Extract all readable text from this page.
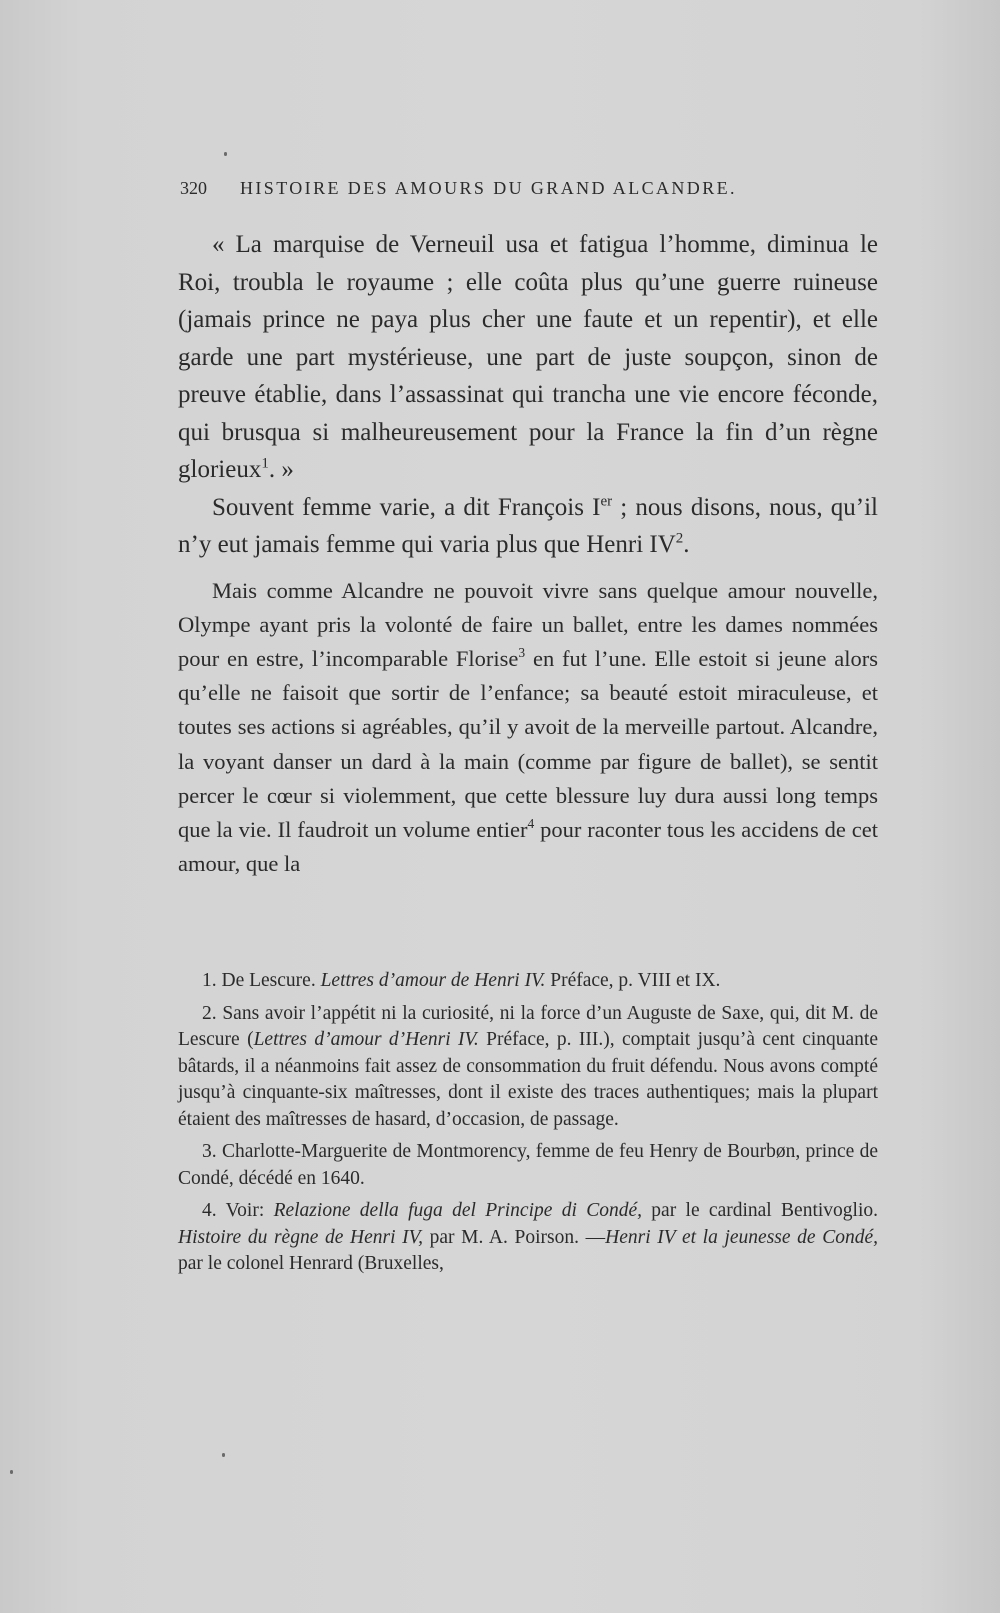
320 HISTOIRE DES AMOURS DU GRAND ALCANDRE.

« La marquise de Verneuil usa et fatigua l’homme, diminua le Roi, troubla le royaume ; elle coûta plus qu’une guerre ruineuse (jamais prince ne paya plus cher une faute et un repentir), et elle garde une part mystérieuse, une part de juste soupçon, sinon de preuve établie, dans l’assassinat qui trancha une vie encore féconde, qui brusqua si malheureusement pour la France la fin d’un règne glorieux$^1$. »

Souvent femme varie, a dit François Ier ; nous disons, nous, qu’il n’y eut jamais femme qui varia plus que Henri $IV^2$.

Mais comme Alcandre ne pouvoit vivre sans quelque amour nouvelle, Olympe ayant pris la volonté de faire un ballet, entre les dames nommées pour en estre, l’incomparable Florise$^3$ en fut l’une. Elle estoit si jeune alors qu’elle ne faisoit que sortir de l’enfance; sa beauté estoit miraculeuse, et toutes ses actions si agréables, qu’il y avoit de la merveille partout. Alcandre, la voyant danser un dard à la main (comme par figure de ballet), se sentit percer le cœur si violemment, que cette blessure luy dura aussi long temps que la vie. Il faudroit un volume entier$^4$ pour raconter tous les accidens de cet amour, que la

1. De Lescure. Lettres d’amour de Henri IV. Préface, p. VIII et IX.

2. Sans avoir l’appétit ni la curiosité, ni la force d’un Auguste de Saxe, qui, dit M. de Lescure (Lettres d’amour d’Henri IV. Préface, p. III.), comptait jusqu’à cent cinquante bâtards, il a néanmoins fait assez de consommation du fruit défendu. Nous avons compté jusqu’à cinquante-six maîtresses, dont il existe des traces authentiques; mais la plupart étaient des maîtresses de hasard, d’occasion, de passage.

3. Charlotte-Marguerite de Montmorency, femme de feu Henry de Bourbøn, prince de Condé, décédé en 1640.

4. Voir: Relazione della fuga del Principe di Condé, par le cardinal Bentivoglio. Histoire du règne de Henri IV, par M. A. Poirson. —Henri IV et la jeunesse de Condé, par le colonel Henrard (Bruxelles,
